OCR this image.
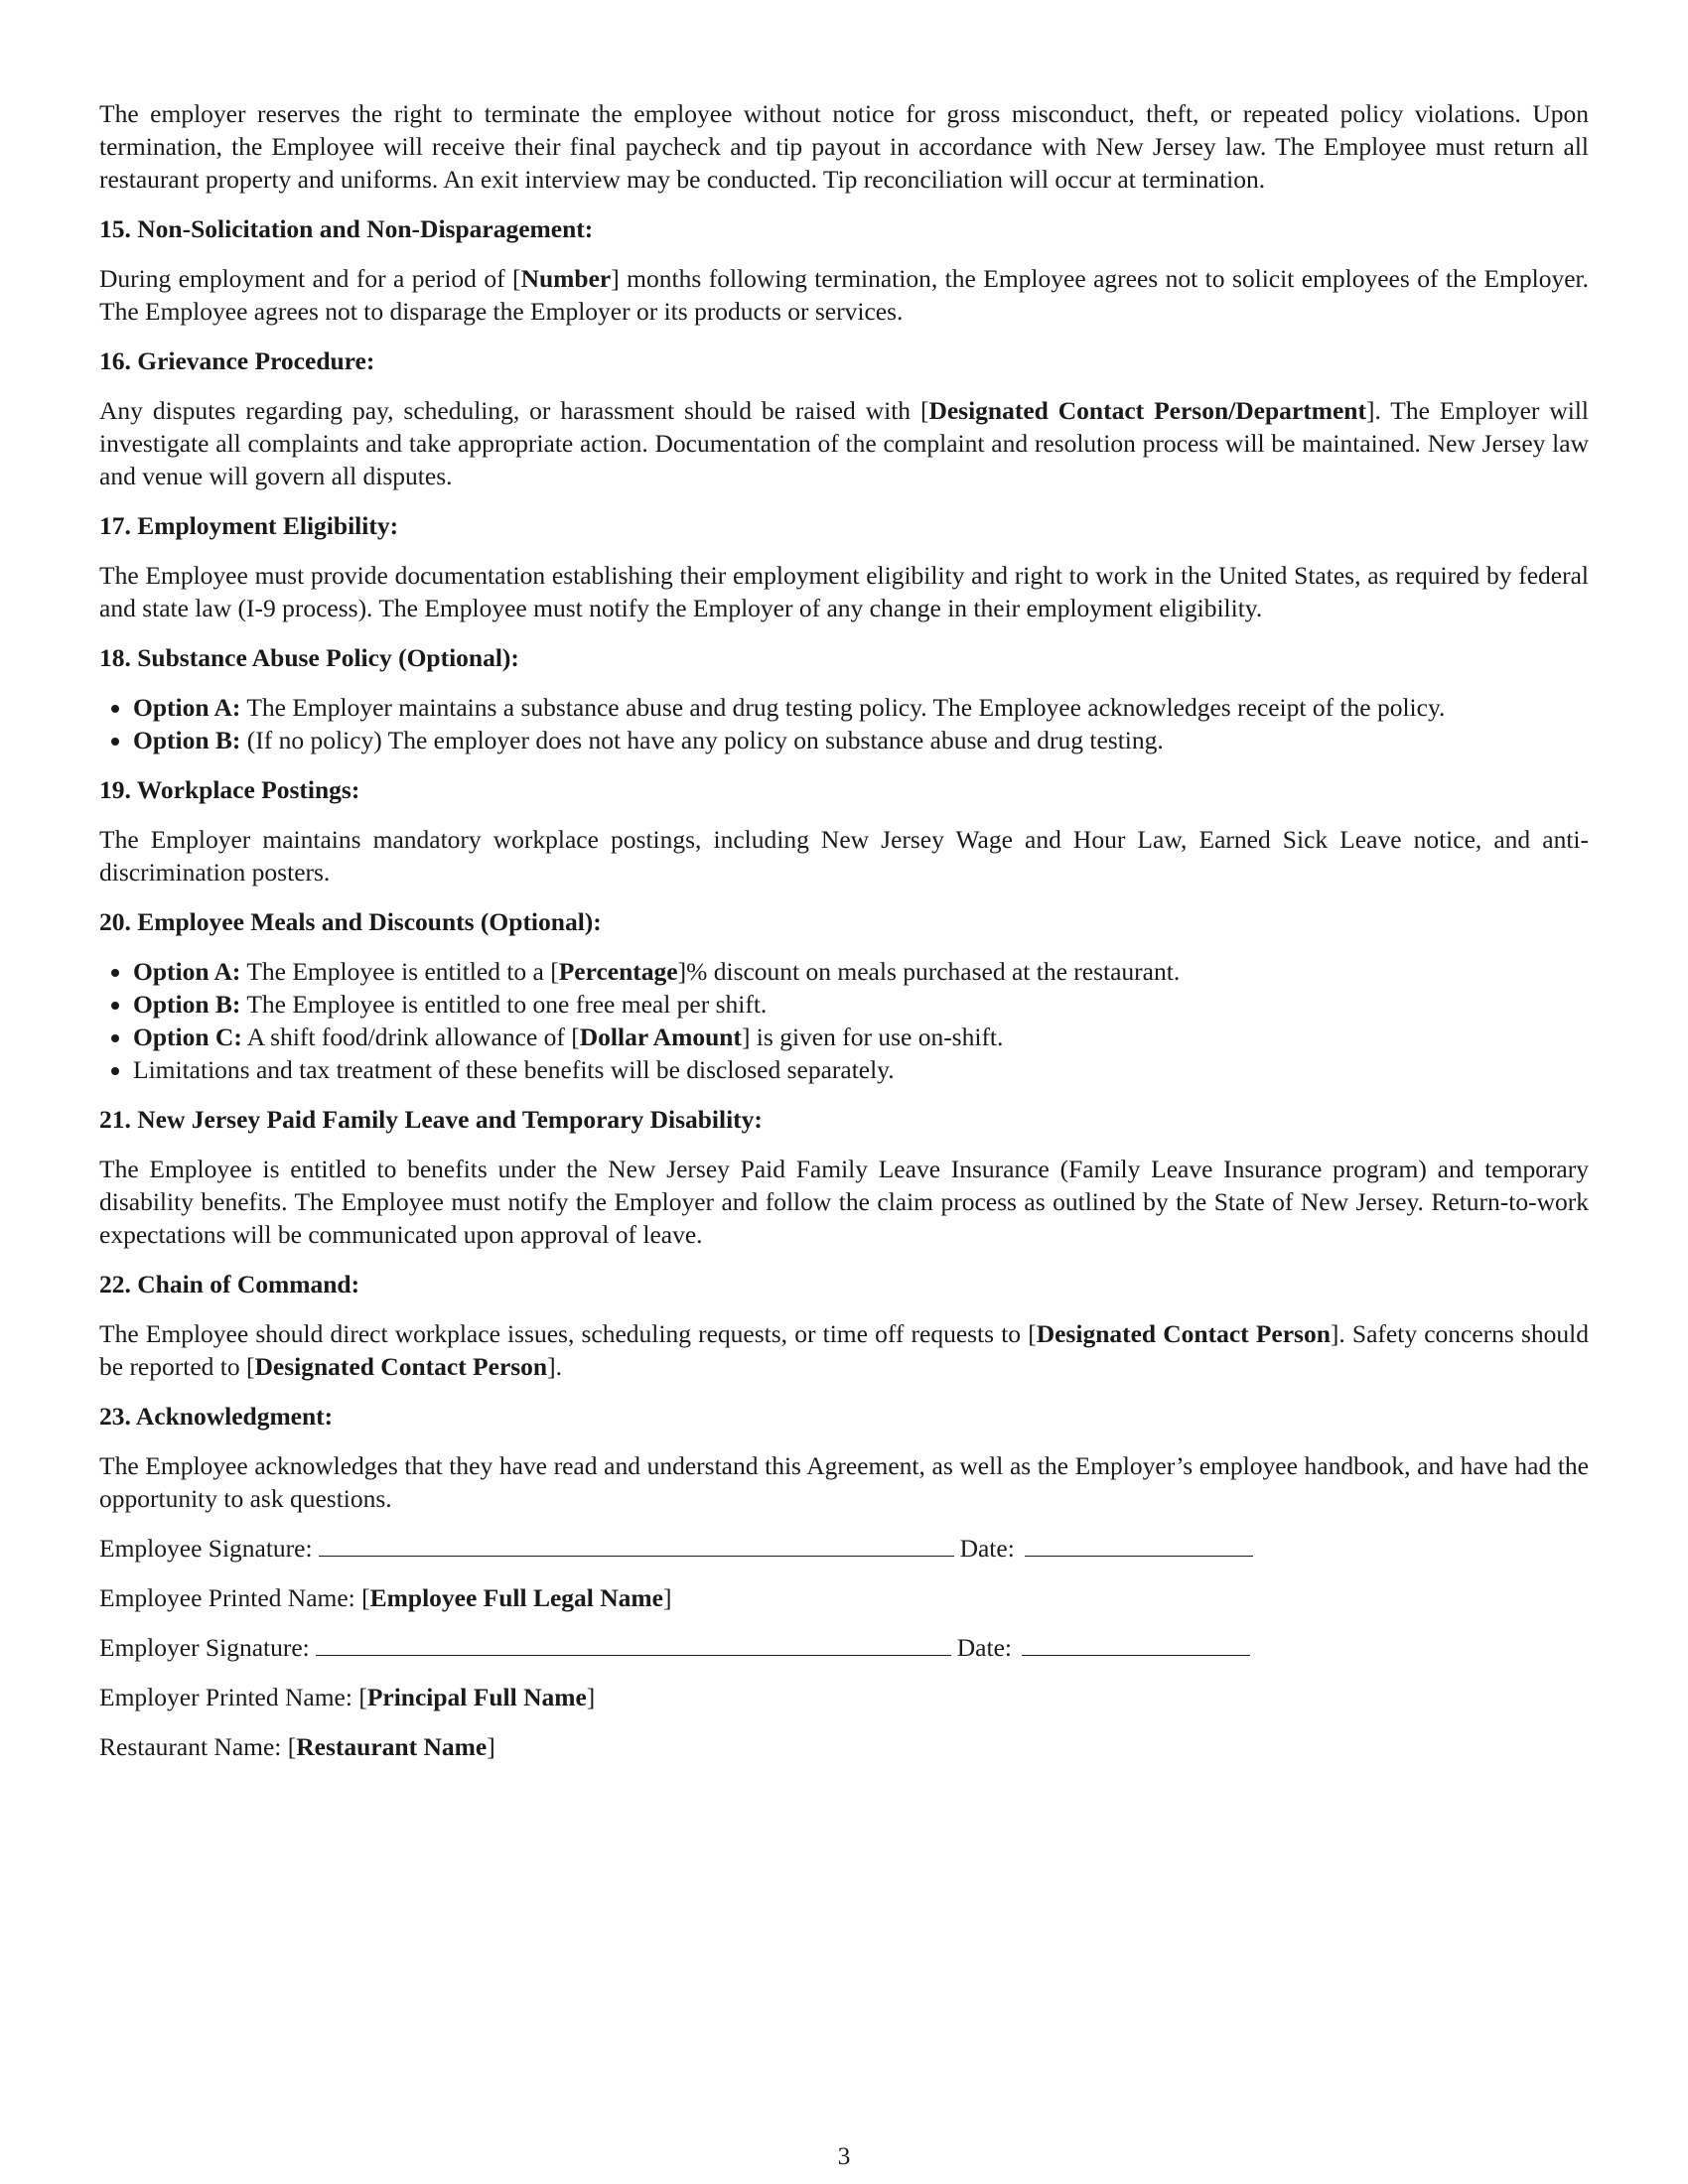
The employer reserves the right to terminate the employee without notice for gross misconduct, theft, or repeated policy violations. Upon termination, the Employee will receive their final paycheck and tip payout in accordance with New Jersey law. The Employee must return all restaurant property and uniforms. An exit interview may be conducted. Tip reconciliation will occur at termination.

15. Non-Solicitation and Non-Disparagement:

During employment and for a period of [Number] months following termination, the Employee agrees not to solicit employees of the Employer. The Employee agrees not to disparage the Employer or its products or services.

16. Grievance Procedure:

Any disputes regarding pay, scheduling, or harassment should be raised with [Designated Contact Person/Department]. The Employer will investigate all complaints and take appropriate action. Documentation of the complaint and resolution process will be maintained. New Jersey law and venue will govern all disputes.

17. Employment Eligibility:

The Employee must provide documentation establishing their employment eligibility and right to work in the United States, as required by federal and state law (I-9 process). The Employee must notify the Employer of any change in their employment eligibility.

18. Substance Abuse Policy (Optional):
• Option A: The Employer maintains a substance abuse and drug testing policy. The Employee acknowledges receipt of the policy.
• Option B: (If no policy) The employer does not have any policy on substance abuse and drug testing.
19. Workplace Postings:

The Employer maintains mandatory workplace postings, including New Jersey Wage and Hour Law, Earned Sick Leave notice, and anti-discrimination posters.

20. Employee Meals and Discounts (Optional):
• Option A: The Employee is entitled to a [Percentage]% discount on meals purchased at the restaurant.
• Option B: The Employee is entitled to one free meal per shift.
• Option C: A shift food/drink allowance of [Dollar Amount] is given for use on-shift.
• Limitations and tax treatment of these benefits will be disclosed separately.
21. New Jersey Paid Family Leave and Temporary Disability:

The Employee is entitled to benefits under the New Jersey Paid Family Leave Insurance (Family Leave Insurance program) and temporary disability benefits. The Employee must notify the Employer and follow the claim process as outlined by the State of New Jersey. Return-to-work expectations will be communicated upon approval of leave.

22. Chain of Command:

The Employee should direct workplace issues, scheduling requests, or time off requests to [Designated Contact Person]. Safety concerns should be reported to [Designated Contact Person].

23. Acknowledgment:

The Employee acknowledges that they have read and understand this Agreement, as well as the Employer’s employee handbook, and have had the opportunity to ask questions.

Employee Signature:	Date:
Employee Printed Name: [Employee Full Legal Name]
Employer Signature:	Date:
Employer Printed Name: [Principal Full Name]
Restaurant Name: [Restaurant Name]
3
